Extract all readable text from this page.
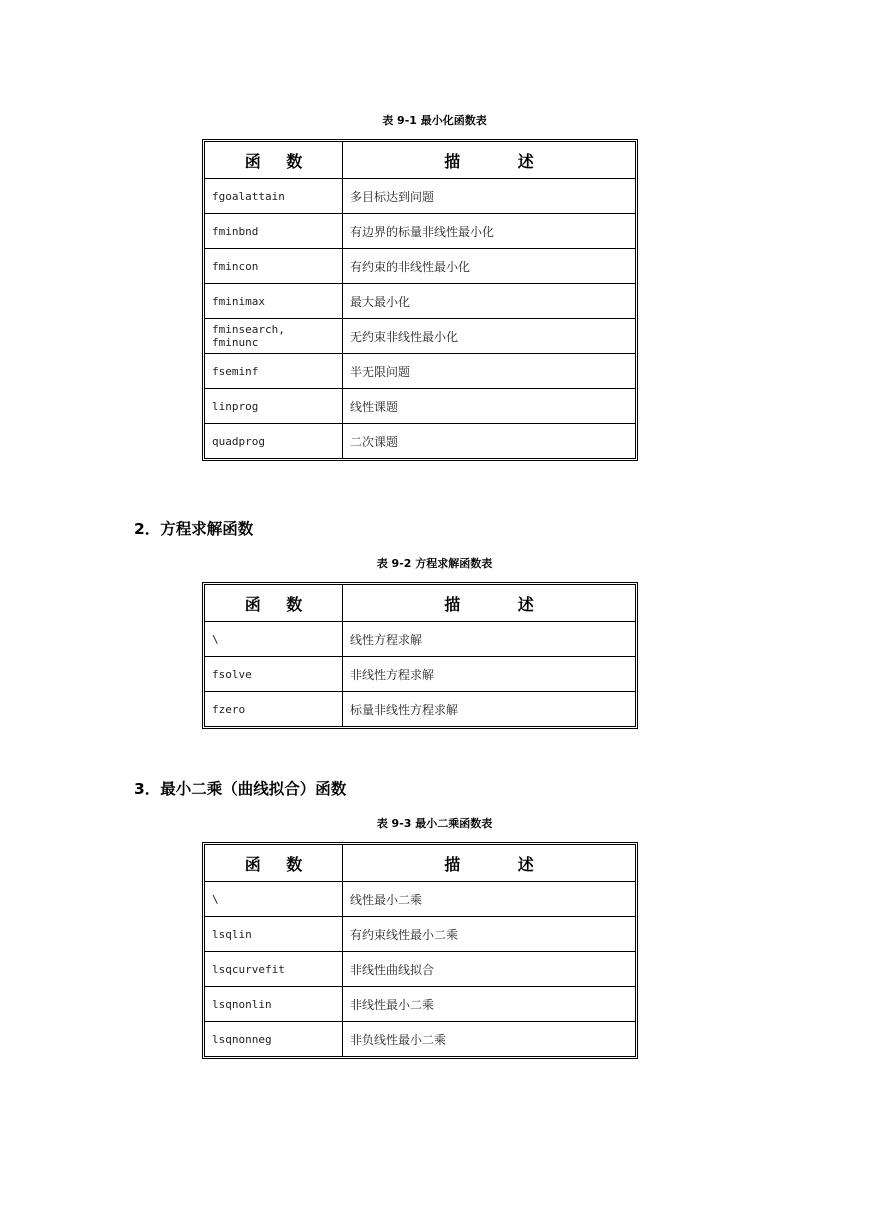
表 9-1 最小化函数表
函数	描述
fgoalattain	多目标达到问题
fminbnd	有边界的标量非线性最小化
fmincon	有约束的非线性最小化
fminimax	最大最小化
fminsearch, fminunc	无约束非线性最小化
fseminf	半无限问题
linprog	线性课题
quadprog	二次课题
2．方程求解函数
表 9-2 方程求解函数表
函数	描述
\	线性方程求解
fsolve	非线性方程求解
fzero	标量非线性方程求解
3．最小二乘（曲线拟合）函数
表 9-3 最小二乘函数表
函数	描述
\	线性最小二乘
lsqlin	有约束线性最小二乘
lsqcurvefit	非线性曲线拟合
lsqnonlin	非线性最小二乘
lsqnonneg	非负线性最小二乘
